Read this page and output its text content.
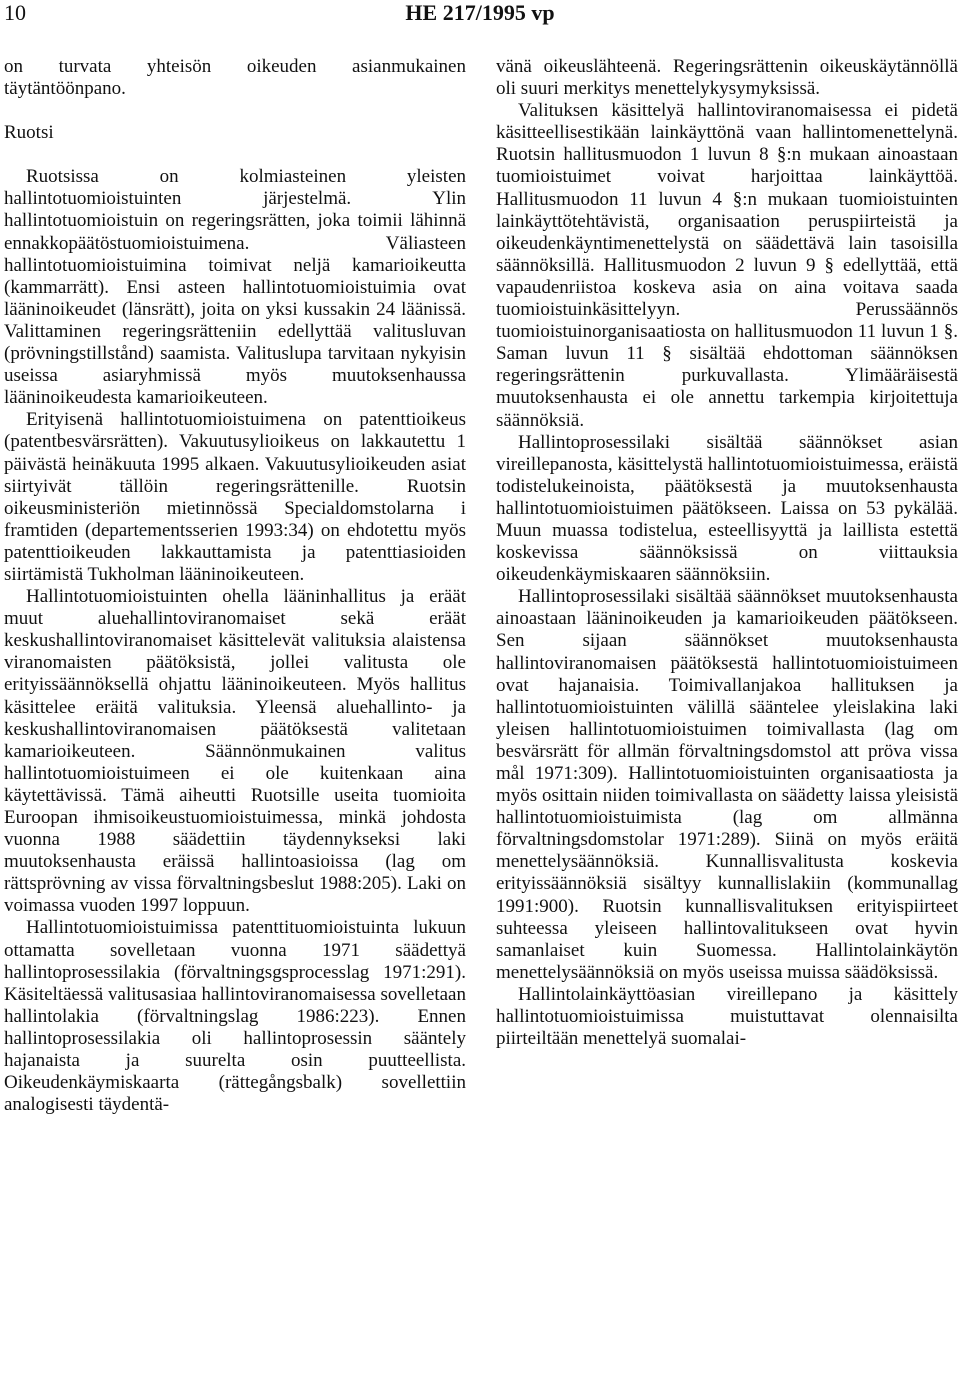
10	HE 217/1995 vp

on turvata yhteisön oikeuden asianmukainen täytäntöönpano.

Ruotsi

Ruotsissa on kolmiasteinen yleisten hallintotuomioistuinten järjestelmä. Ylin hallintotuomioistuin on regeringsrätten, joka toimii lähinnä ennakkopäätöstuomioistuimena. Väliasteen hallintotuomioistuimina toimivat neljä kamarioikeutta (kammarrätt). Ensi asteen hallintotuomioistuimia ovat lääninoikeudet (länsrätt), joita on yksi kussakin 24 läänissä. Valittaminen regeringsrätteniin edellyttää valitusluvan (prövningstillstånd) saamista. Valituslupa tarvitaan nykyisin useissa asiaryhmissä myös muutoksenhaussa lääninoikeudesta kamarioikeuteen.

Erityisenä hallintotuomioistuimena on patenttioikeus (patentbesvärsrätten). Vakuutusylioikeus on lakkautettu 1 päivästä heinäkuuta 1995 alkaen. Vakuutusylioikeuden asiat siirtyivät tällöin regeringsrättenille. Ruotsin oikeusministeriön mietinnössä Specialdomstolarna i framtiden (departementsserien 1993:34) on ehdotettu myös patenttioikeuden lakkauttamista ja patenttiasioiden siirtämistä Tukholman lääninoikeuteen.

Hallintotuomioistuinten ohella lääninhallitus ja eräät muut aluehallintoviranomaiset sekä eräät keskushallintoviranomaiset käsittelevät valituksia alaistensa viranomaisten päätöksistä, jollei valitusta ole erityissäännöksellä ohjattu lääninoikeuteen. Myös hallitus käsittelee eräitä valituksia. Yleensä aluehallinto- ja keskushallintoviranomaisen päätöksestä valitetaan kamarioikeuteen. Säännönmukainen valitus hallintotuomioistuimeen ei ole kuitenkaan aina käytettävissä. Tämä aiheutti Ruotsille useita tuomioita Euroopan ihmisoikeustuomioistuimessa, minkä johdosta vuonna 1988 säädettiin täydennykseksi laki muutoksenhausta eräissä hallintoasioissa (lag om rättsprövning av vissa förvaltningsbeslut 1988:205). Laki on voimassa vuoden 1997 loppuun.

Hallintotuomioistuimissa patenttituomioistuinta lukuun ottamatta sovelletaan vuonna 1971 säädettyä hallintoprosessilakia (förvaltningsgsprocesslag 1971:291). Käsiteltäessä valitusasiaa hallintoviranomaisessa sovelletaan hallintolakia (förvaltningslag 1986:223). Ennen hallintoprosessilakia oli hallintoprosessin sääntely hajanaista ja suurelta osin puutteellista. Oikeudenkäymiskaarta (rättegångsbalk) sovellettiin analogisesti täydentä-

vänä oikeuslähteenä. Regeringsrättenin oikeuskäytännöllä oli suuri merkitys menettelykysymyksissä.

Valituksen käsittelyä hallintoviranomaisessa ei pidetä käsitteellisestikään lainkäyttönä vaan hallintomenettelynä. Ruotsin hallitusmuodon 1 luvun 8 §:n mukaan ainoastaan tuomioistuimet voivat harjoittaa lainkäyttöä. Hallitusmuodon 11 luvun 4 §:n mukaan tuomioistuinten lainkäyttötehtävistä, organisaation peruspiirteistä ja oikeudenkäyntimenettelystä on säädettävä lain tasoisilla säännöksillä. Hallitusmuodon 2 luvun 9 § edellyttää, että vapaudenriistoa koskeva asia on aina voitava saada tuomioistuinkäsittelyyn. Perussäännös tuomioistuinorganisaatiosta on hallitusmuodon 11 luvun 1 §. Saman luvun 11 § sisältää ehdottoman säännöksen regeringsrättenin purkuvallasta. Ylimääräisestä muutoksenhausta ei ole annettu tarkempia kirjoitettuja säännöksiä.

Hallintoprosessilaki sisältää säännökset asian vireillepanosta, käsittelystä hallintotuomioistuimessa, eräistä todistelukeinoista, päätöksestä ja muutoksenhausta hallintotuomioistuimen päätökseen. Laissa on 53 pykälää. Muun muassa todistelua, esteellisyyttä ja laillista estettä koskevissa säännöksissä on viittauksia oikeudenkäymiskaaren säännöksiin.

Hallintoprosessilaki sisältää säännökset muutoksenhausta ainoastaan lääninoikeuden ja kamarioikeuden päätökseen. Sen sijaan säännökset muutoksenhausta hallintoviranomaisen päätöksestä hallintotuomioistuimeen ovat hajanaisia. Toimivallanjakoa hallituksen ja hallintotuomioistuinten välillä sääntelee yleislakina laki yleisen hallintotuomioistuimen toimivallasta (lag om besvärsrätt för allmän förvaltningsdomstol att pröva vissa mål 1971:309). Hallintotuomioistuinten organisaatiosta ja myös osittain niiden toimivallasta on säädetty laissa yleisistä hallintotuomioistuimista (lag om allmänna förvaltningsdomstolar 1971:289). Siinä on myös eräitä menettelysäännöksiä. Kunnallisvalitusta koskevia erityissäännöksiä sisältyy kunnallislakiin (kommunallag 1991:900). Ruotsin kunnallisvalituksen erityispiirteet suhteessa yleiseen hallintovalitukseen ovat hyvin samanlaiset kuin Suomessa. Hallintolainkäytön menettelysäännöksiä on myös useissa muissa säädöksissä.

Hallintolainkäyttöasian vireillepano ja käsittely hallintotuomioistuimissa muistuttavat olennaisilta piirteiltään menettelyä suomalai-
